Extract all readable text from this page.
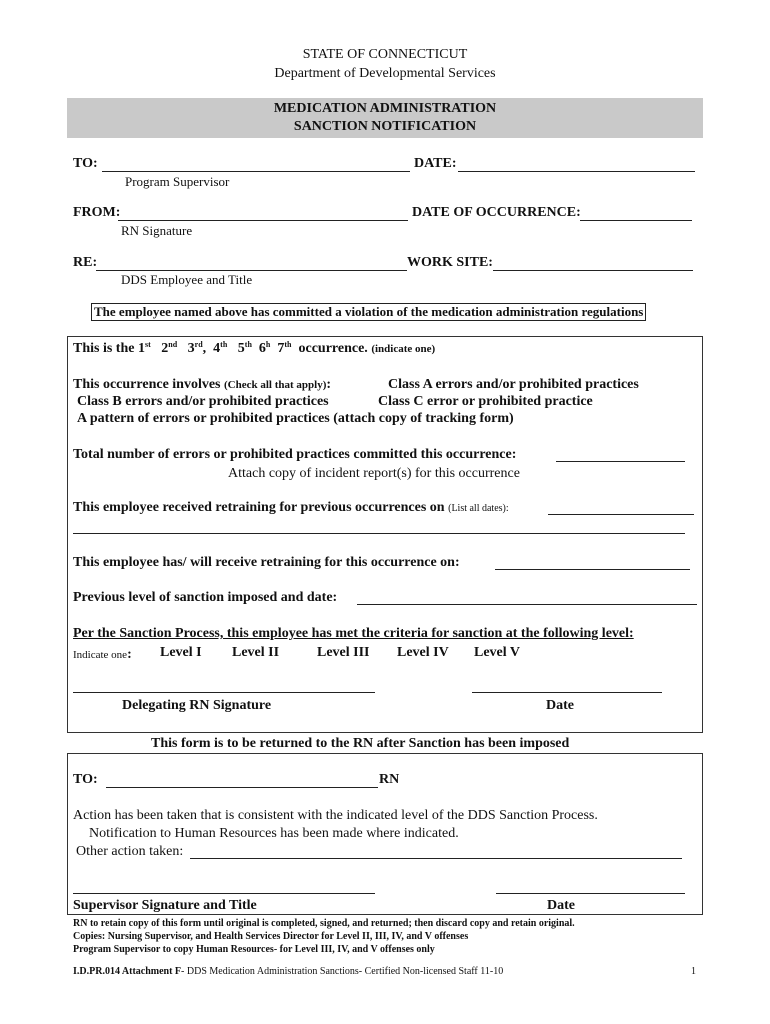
STATE OF CONNECTICUT
Department of Developmental Services
MEDICATION ADMINISTRATION
SANCTION NOTIFICATION
TO:	DATE:
Program Supervisor
FROM:	DATE OF OCCURRENCE:
RN Signature
RE:	WORK SITE:
DDS Employee and Title
The employee named above has committed a violation of the medication administration regulations
This is the 1st 2nd 3rd,  4th 5th 6$^h$ 7th occurrence. (indicate one)
This occurrence involves (Check all that apply):	Class A errors and/or prohibited practices
Class B errors and/or prohibited practices	Class C error or prohibited practice
A pattern of errors or prohibited practices (attach copy of tracking form)
Total number of errors or prohibited practices committed this occurrence:
Attach copy of incident report(s) for this occurrence
This employee received retraining for previous occurrences on (List all dates):
This employee has/ will receive retraining for this occurrence on:
Previous level of sanction imposed and date:
Per the Sanction Process, this employee has met the criteria for sanction at the following level:
Indicate one: Level I Level II	Level III Level IV Level V
Delegating RN Signature	Date
This form is to be returned to the RN after Sanction has been imposed
TO:	RN
Action has been taken that is consistent with the indicated level of the DDS Sanction Process.
Notification to Human Resources has been made where indicated.
Other action taken:
Supervisor Signature and Title	Date
RN to retain copy of this form until original is completed, signed, and returned; then discard copy and retain original.
Copies: Nursing Supervisor, and Health Services Director for Level II, III, IV, and V offenses
Program Supervisor to copy Human Resources- for Level III, IV, and V offenses only
I.D.PR.014 Attachment F- DDS Medication Administration Sanctions- Certified Non-licensed Staff 11-10	1
